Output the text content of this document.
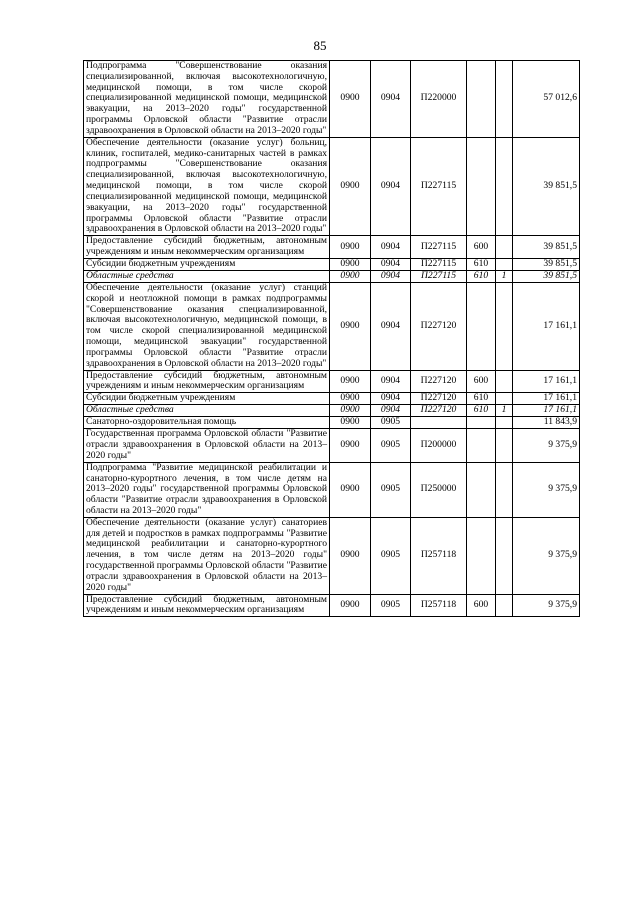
85
Подпрограмма "Совершенствование оказания специализированной, включая высокотехнологичную, медицинской помощи, в том числе скорой специализированной медицинской помощи, медицинской эвакуации, на 2013–2020 годы" государственной программы Орловской области "Развитие отрасли здравоохранения в Орловской области на 2013–2020 годы"	0900	0904	П220000			57 012,6
Обеспечение деятельности (оказание услуг) больниц, клиник, госпиталей, медико-санитарных частей в рамках подпрограммы "Совершенствование оказания специализированной, включая высокотехнологичную, медицинской помощи, в том числе скорой специализированной медицинской помощи, медицинской эвакуации, на 2013–2020 годы" государственной программы Орловской области "Развитие отрасли здравоохранения в Орловской области на 2013–2020 годы"	0900	0904	П227115			39 851,5
Предоставление субсидий бюджетным, автономным учреждениям и иным некоммерческим организациям	0900	0904	П227115	600		39 851,5
Субсидии бюджетным учреждениям	0900	0904	П227115	610		39 851,5
Областные средства	0900	0904	П227115	610	1	39 851,5
Обеспечение деятельности (оказание услуг) станций скорой и неотложной помощи в рамках подпрограммы "Совершенствование оказания специализированной, включая высокотехнологичную, медицинской помощи, в том числе скорой специализированной медицинской помощи, медицинской эвакуации" государственной программы Орловской области "Развитие отрасли здравоохранения в Орловской области на 2013–2020 годы"	0900	0904	П227120			17 161,1
Предоставление субсидий бюджетным, автономным учреждениям и иным некоммерческим организациям	0900	0904	П227120	600		17 161,1
Субсидии бюджетным учреждениям	0900	0904	П227120	610		17 161,1
Областные средства	0900	0904	П227120	610	1	17 161,1
Санаторно-оздоровительная помощь	0900	0905				11 843,9
Государственная программа Орловской области "Развитие отрасли здравоохранения в Орловской области на 2013–2020 годы"	0900	0905	П200000			9 375,9
Подпрограмма "Развитие медицинской реабилитации и санаторно-курортного лечения, в том числе детям на 2013–2020 годы" государственной программы Орловской области "Развитие отрасли здравоохранения в Орловской области на 2013–2020 годы"	0900	0905	П250000			9 375,9
Обеспечение деятельности (оказание услуг) санаториев для детей и подростков в рамках подпрограммы "Развитие медицинской реабилитации и санаторно-курортного лечения, в том числе детям на 2013–2020 годы" государственной программы Орловской области "Развитие отрасли здравоохранения в Орловской области на 2013–2020 годы"	0900	0905	П257118			9 375,9
Предоставление субсидий бюджетным, автономным учреждениям и иным некоммерческим организациям	0900	0905	П257118	600		9 375,9
